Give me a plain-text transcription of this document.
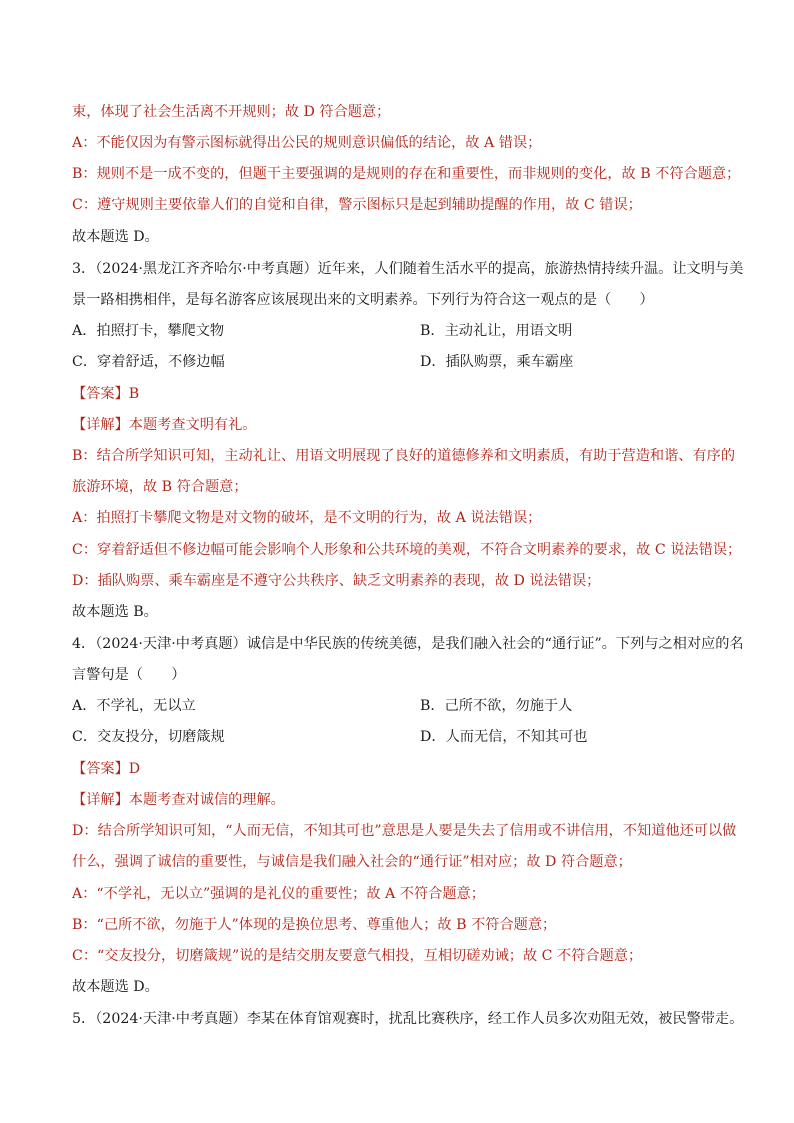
束，体现了社会生活离不开规则；故 D 符合题意；
A：不能仅因为有警示图标就得出公民的规则意识偏低的结论，故 A 错误；
B：规则不是一成不变的，但题干主要强调的是规则的存在和重要性，而非规则的变化，故 B 不符合题意；
C：遵守规则主要依靠人们的自觉和自律，警示图标只是起到辅助提醒的作用，故 C 错误；
故本题选 D。
3．（2024·黑龙江齐齐哈尔·中考真题）近年来，人们随着生活水平的提高，旅游热情持续升温。让文明与美
景一路相携相伴，是每名游客应该展现出来的文明素养。下列行为符合这一观点的是（　　）
A．拍照打卡，攀爬文物	B．主动礼让，用语文明
C．穿着舒适，不修边幅	D．插队购票，乘车霸座
【答案】B
【详解】本题考查文明有礼。
B：结合所学知识可知，主动礼让、用语文明展现了良好的道德修养和文明素质，有助于营造和谐、有序的
旅游环境，故 B 符合题意；
A：拍照打卡攀爬文物是对文物的破坏，是不文明的行为，故 A 说法错误；
C：穿着舒适但不修边幅可能会影响个人形象和公共环境的美观，不符合文明素养的要求，故 C 说法错误；
D：插队购票、乘车霸座是不遵守公共秩序、缺乏文明素养的表现，故 D 说法错误；
故本题选 B。
4．（2024·天津·中考真题）诚信是中华民族的传统美德，是我们融入社会的“通行证”。下列与之相对应的名
言警句是（　　）
A．不学礼，无以立	B．己所不欲，勿施于人
C．交友投分，切磨箴规	D．人而无信，不知其可也
【答案】D
【详解】本题考查对诚信的理解。
D：结合所学知识可知，“人而无信，不知其可也”意思是人要是失去了信用或不讲信用，不知道他还可以做
什么，强调了诚信的重要性，与诚信是我们融入社会的“通行证”相对应；故 D 符合题意；
A：“不学礼，无以立”强调的是礼仪的重要性；故 A 不符合题意；
B：“己所不欲，勿施于人”体现的是换位思考、尊重他人；故 B 不符合题意；
C：“交友投分，切磨箴规”说的是结交朋友要意气相投，互相切磋劝诫；故 C 不符合题意；
故本题选 D。
5．（2024·天津·中考真题）李某在体育馆观赛时，扰乱比赛秩序，经工作人员多次劝阻无效，被民警带走。
